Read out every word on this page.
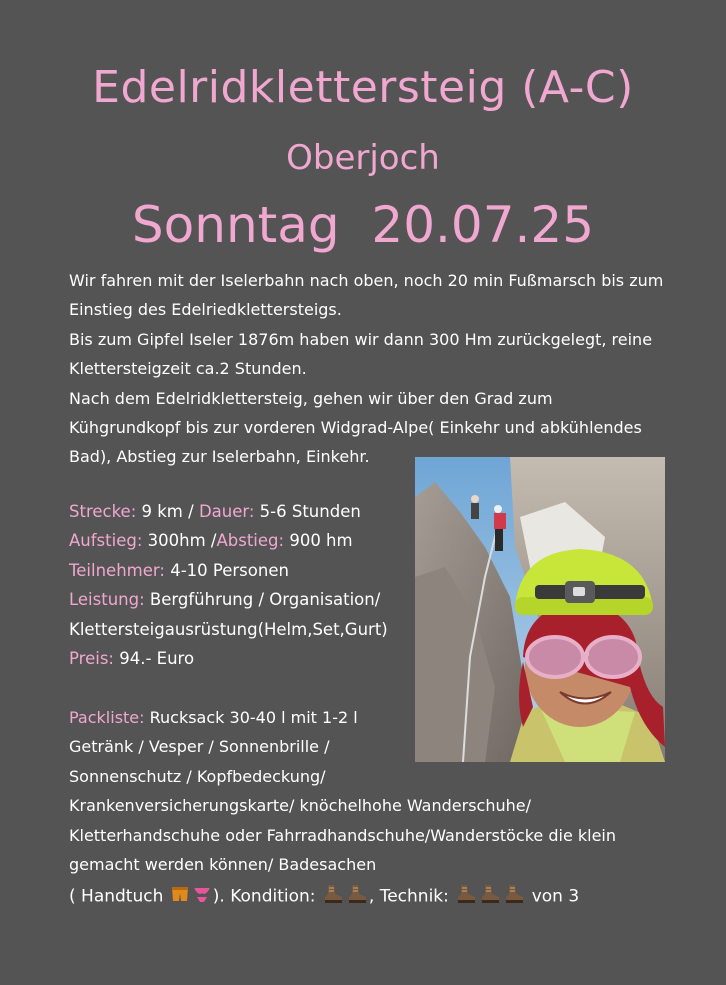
Edelridklettersteig (A-C)
Oberjoch
Sonntag  20.07.25

Wir fahren mit der Iselerbahn nach oben, noch 20 min Fußmarsch bis zum Einstieg des Edelriedklettersteigs.

Bis zum Gipfel Iseler 1876m haben wir dann 300 Hm zurückgelegt, reine Klettersteigzeit ca.2 Stunden.

Nach dem Edelridklettersteig, gehen wir über den Grad zum Kühgrundkopf bis zur vorderen Widgrad-Alpe( Einkehr und abkühlendes Bad), Abstieg zur Iselerbahn, Einkehr.

Strecke: 9 km / Dauer: 5-6 Stunden
Aufstieg: 300hm /Abstieg: 900 hm
Teilnehmer: 4-10 Personen
Leistung: Bergführung / Organisation/
Klettersteigausrüstung(Helm,Set,Gurt)
Preis: 94.- Euro
Packliste: Rucksack 30-40 l mit 1-2 l
Getränk / Vesper / Sonnenbrille /
Sonnenschutz / Kopfbedeckung/
Krankenversicherungskarte/ knöchelhohe Wanderschuhe/
Kletterhandschuhe oder Fahrradhandschuhe/Wanderstöcke die klein
gemacht werden können/ Badesachen
( Handtuch	). Kondition:	, Technik:	von 3
